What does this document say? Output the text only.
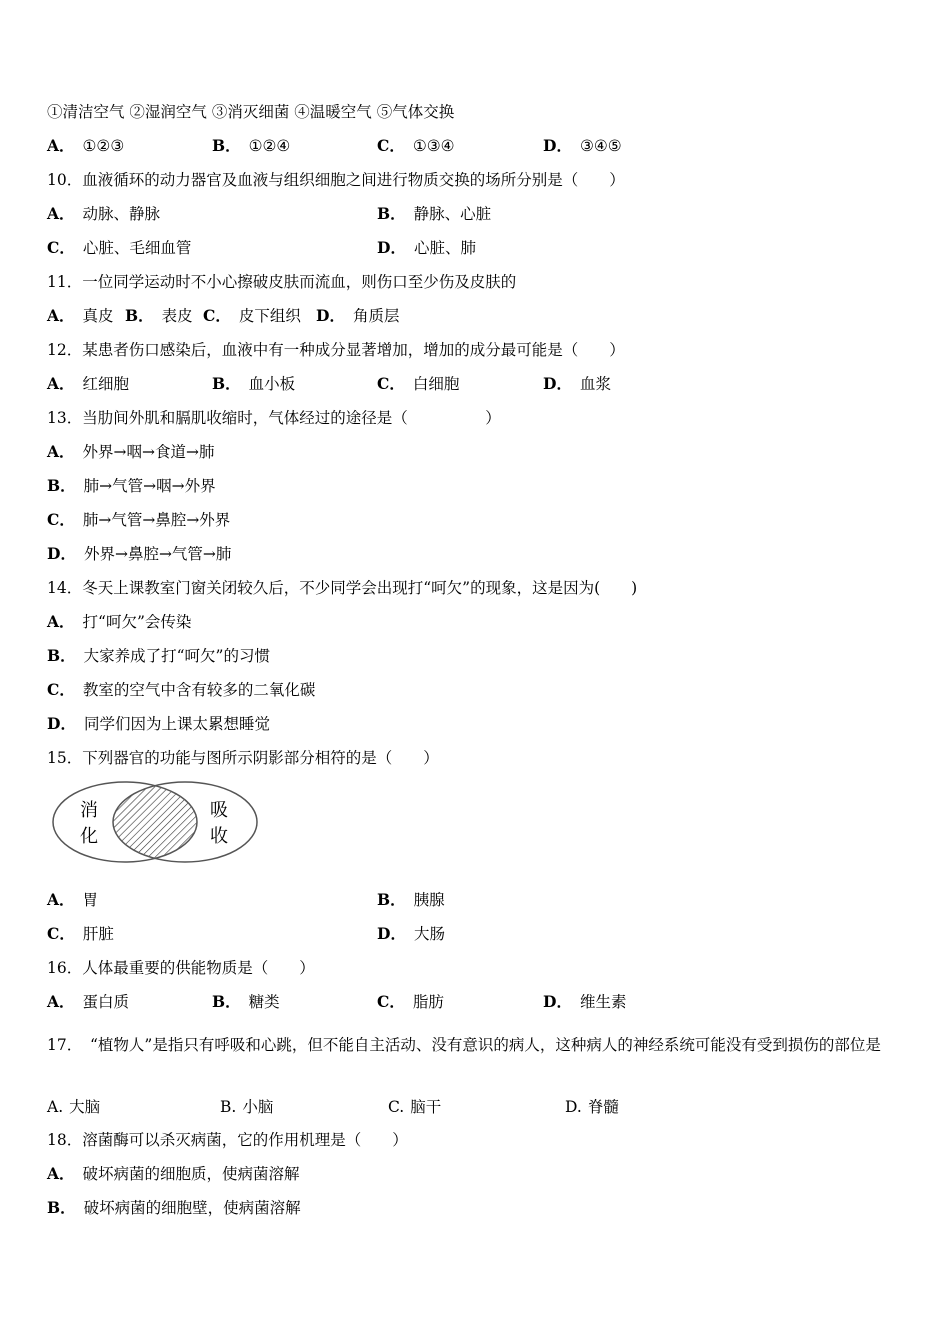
①清洁空气 ②湿润空气 ③消灭细菌 ④温暖空气 ⑤气体交换
A． ①②③	B． ①②④	C． ①③④	D． ③④⑤
10．血液循环的动力器官及血液与组织细胞之间进行物质交换的场所分别是（　　）
A． 动脉、静脉	B． 静脉、心脏
C． 心脏、毛细血管	D． 心脏、肺
11．一位同学运动时不小心擦破皮肤而流血，则伤口至少伤及皮肤的
A． 真皮 B． 表皮 C． 皮下组织 D． 角质层
12．某患者伤口感染后，血液中有一种成分显著增加，增加的成分最可能是（　　）
A． 红细胞	B． 血小板	C． 白细胞	D． 血浆
13．当肋间外肌和膈肌收缩时，气体经过的途径是（　　　　　）
A． 外界→咽→食道→肺
B． 肺→气管→咽→外界
C． 肺→气管→鼻腔→外界
D． 外界→鼻腔→气管→肺
14．冬天上课教室门窗关闭较久后，不少同学会出现打“呵欠”的现象，这是因为(　　)
A． 打“呵欠”会传染
B． 大家养成了打“呵欠”的习惯
C． 教室的空气中含有较多的二氧化碳
D． 同学们因为上课太累想睡觉
15．下列器官的功能与图所示阴影部分相符的是（　　）
消
化
吸
收
A． 胃	B． 胰腺
C． 肝脏	D． 大肠
16．人体最重要的供能物质是（　　）
A． 蛋白质	B． 糖类	C． 脂肪	D． 维生素
17．　“植物人”是指只有呼吸和心跳，但不能自主活动、没有意识的病人，这种病人的神经系统可能没有受到损伤的部位是
A. 大脑	B. 小脑	C. 脑干	D. 脊髓
18．溶菌酶可以杀灭病菌，它的作用机理是（　　）
A． 破坏病菌的细胞质，使病菌溶解
B． 破坏病菌的细胞壁，使病菌溶解
